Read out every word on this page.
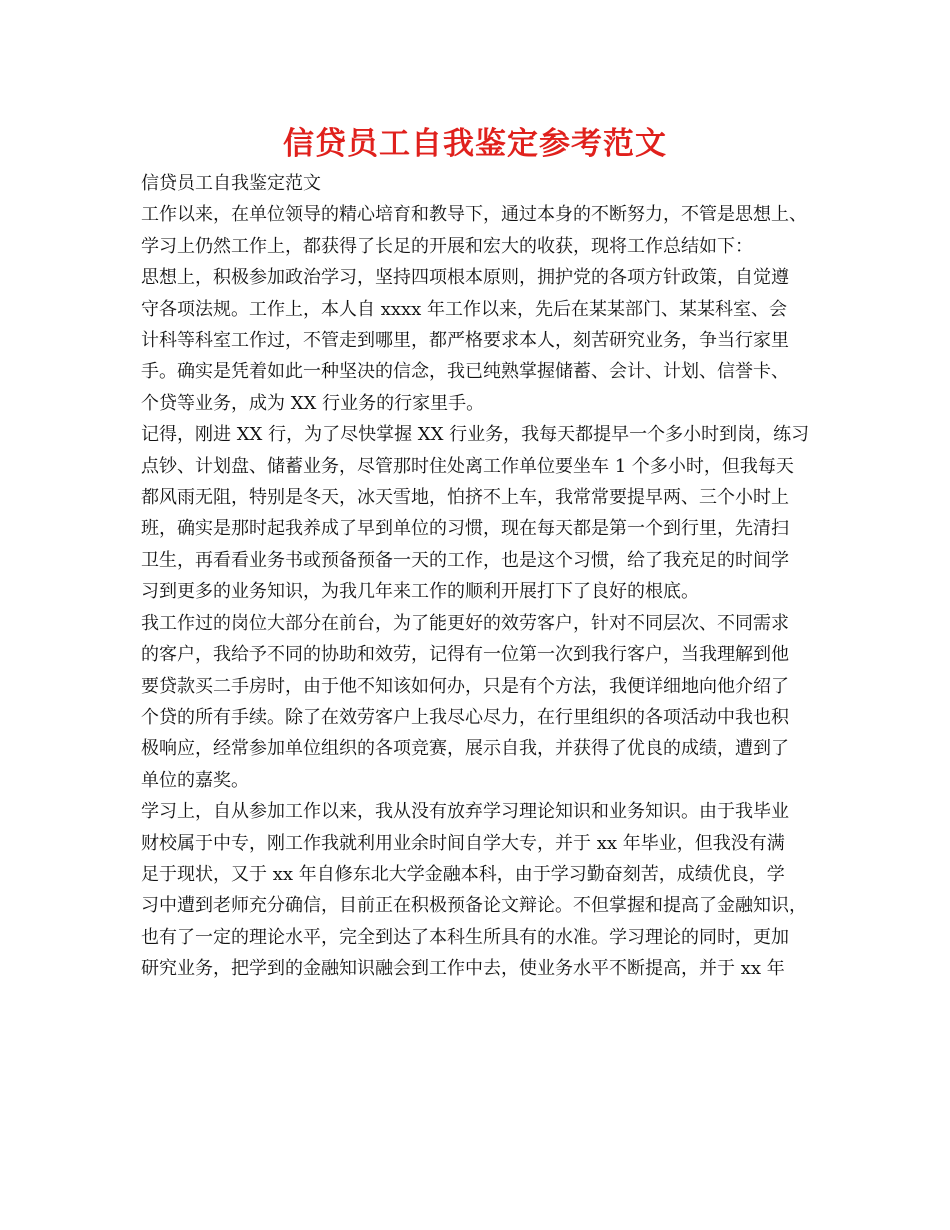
信贷员工自我鉴定参考范文
信贷员工自我鉴定范文
工作以来，在单位领导的精心培育和教导下，通过本身的不断努力，不管是思想上、
学习上仍然工作上，都获得了长足的开展和宏大的收获，现将工作总结如下：
思想上，积极参加政治学习，坚持四项根本原则，拥护党的各项方针政策，自觉遵
守各项法规。工作上，本人自 xxxx 年工作以来，先后在某某部门、某某科室、会
计科等科室工作过，不管走到哪里，都严格要求本人，刻苦研究业务，争当行家里
手。确实是凭着如此一种坚决的信念，我已纯熟掌握储蓄、会计、计划、信誉卡、
个贷等业务，成为 XX 行业务的行家里手。
记得，刚进 XX 行，为了尽快掌握 XX 行业务，我每天都提早一个多小时到岗，练习
点钞、计划盘、储蓄业务，尽管那时住处离工作单位要坐车 1 个多小时，但我每天
都风雨无阻，特别是冬天，冰天雪地，怕挤不上车，我常常要提早两、三个小时上
班，确实是那时起我养成了早到单位的习惯，现在每天都是第一个到行里，先清扫
卫生，再看看业务书或预备预备一天的工作，也是这个习惯，给了我充足的时间学
习到更多的业务知识，为我几年来工作的顺利开展打下了良好的根底。
我工作过的岗位大部分在前台，为了能更好的效劳客户，针对不同层次、不同需求
的客户，我给予不同的协助和效劳，记得有一位第一次到我行客户，当我理解到他
要贷款买二手房时，由于他不知该如何办，只是有个方法，我便详细地向他介绍了
个贷的所有手续。除了在效劳客户上我尽心尽力，在行里组织的各项活动中我也积
极响应，经常参加单位组织的各项竞赛，展示自我，并获得了优良的成绩，遭到了
单位的嘉奖。
学习上，自从参加工作以来，我从没有放弃学习理论知识和业务知识。由于我毕业
财校属于中专，刚工作我就利用业余时间自学大专，并于 xx 年毕业，但我没有满
足于现状，又于 xx 年自修东北大学金融本科，由于学习勤奋刻苦，成绩优良，学
习中遭到老师充分确信，目前正在积极预备论文辩论。不但掌握和提高了金融知识，
也有了一定的理论水平，完全到达了本科生所具有的水准。学习理论的同时，更加
研究业务，把学到的金融知识融会到工作中去，使业务水平不断提高，并于 xx 年
